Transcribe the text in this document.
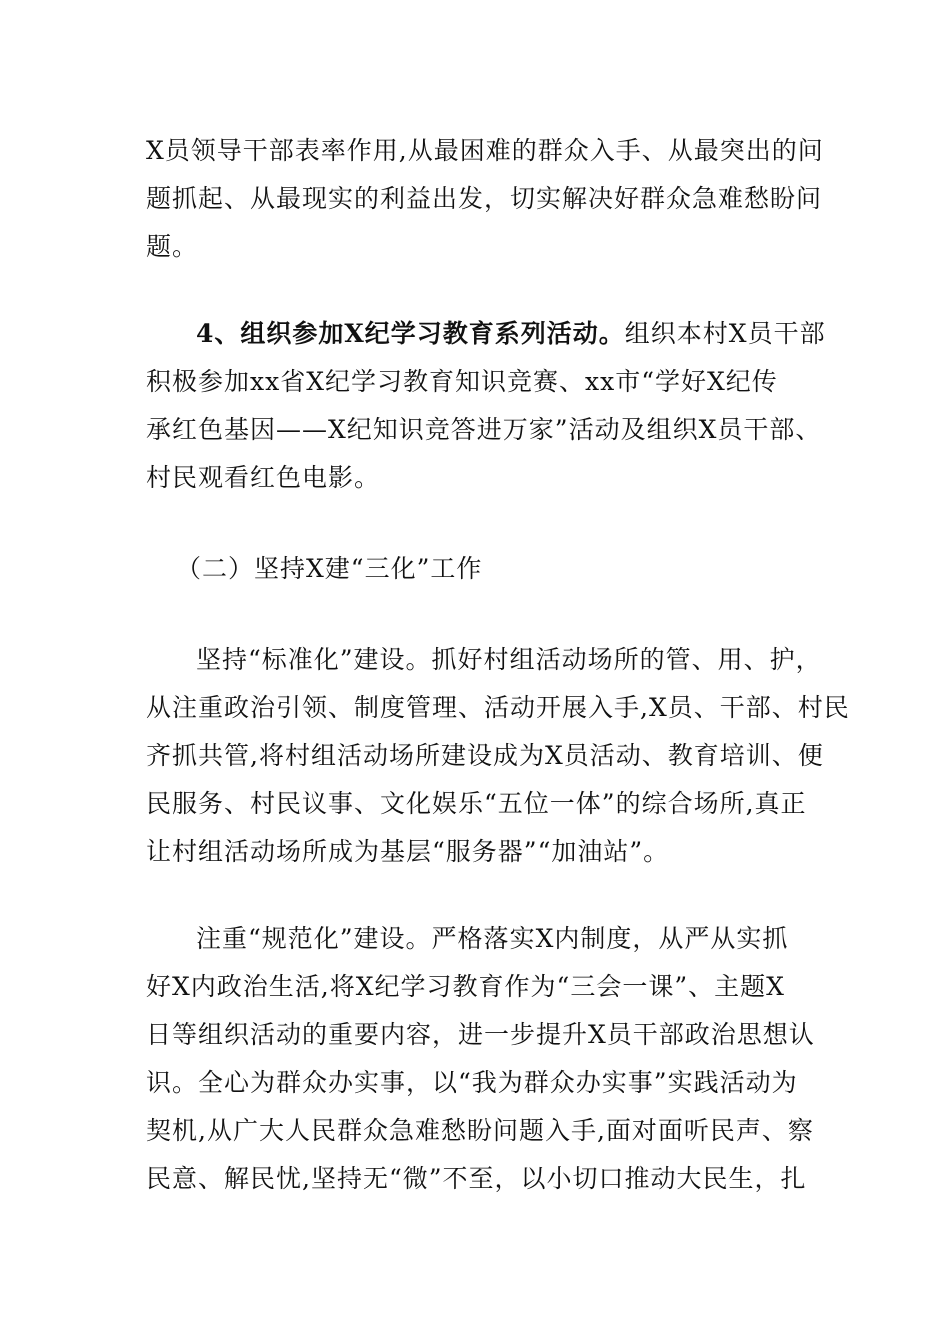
X员领导干部表率作用,从最困难的群众入手、从最突出的问
题抓起、从最现实的利益出发，切实解决好群众急难愁盼问
题。
4、组织参加X纪学习教育系列活动。组织本村X员干部
积极参加xx省X纪学习教育知识竞赛、xx市“学好X纪传
承红色基因——X纪知识竞答进万家”活动及组织X员干部、
村民观看红色电影。
（二）坚持X建“三化”工作
坚持“标准化”建设。抓好村组活动场所的管、用、护，
从注重政治引领、制度管理、活动开展入手,X员、干部、村民
齐抓共管,将村组活动场所建设成为X员活动、教育培训、便
民服务、村民议事、文化娱乐“五位一体”的综合场所,真正
让村组活动场所成为基层“服务器”“加油站”。
注重“规范化”建设。严格落实X内制度，从严从实抓
好X内政治生活,将X纪学习教育作为“三会一课”、主题X
日等组织活动的重要内容，进一步提升X员干部政治思想认
识。全心为群众办实事，以“我为群众办实事”实践活动为
契机,从广大人民群众急难愁盼问题入手,面对面听民声、察
民意、解民忧,坚持无“微”不至，以小切口推动大民生，扎
